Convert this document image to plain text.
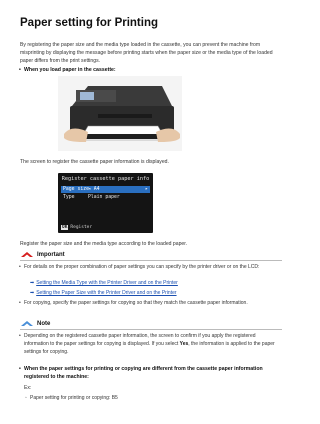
Paper setting for Printing
By registering the paper size and the media type loaded in the cassette, you can prevent the machine from misprinting by displaying the message before printing starts when the paper size or the media type of the loaded paper differs from the print settings.
• When you load paper in the cassette:
The screen to register the cassette paper information is displayed.
Register cassette paper info
Page size ◂ A4	▸
Type	Plain paper
OK Register
Register the paper size and the media type according to the loaded paper.
Important
• For details on the proper combination of paper settings you can specify by the printer driver or on the LCD:
➡ Setting the Media Type with the Printer Driver and on the Printer
➡ Setting the Paper Size with the Printer Driver and on the Printer
• For copying, specify the paper settings for copying so that they match the cassette paper information.
Note
• Depending on the registered cassette paper information, the screen to confirm if you apply the registered information to the paper settings for copying is displayed. If you select Yes, the information is applied to the paper settings for copying.
• When the paper settings for printing or copying are different from the cassette paper information registered to the machine:
Ex:
◦ Paper setting for printing or copying: B5
